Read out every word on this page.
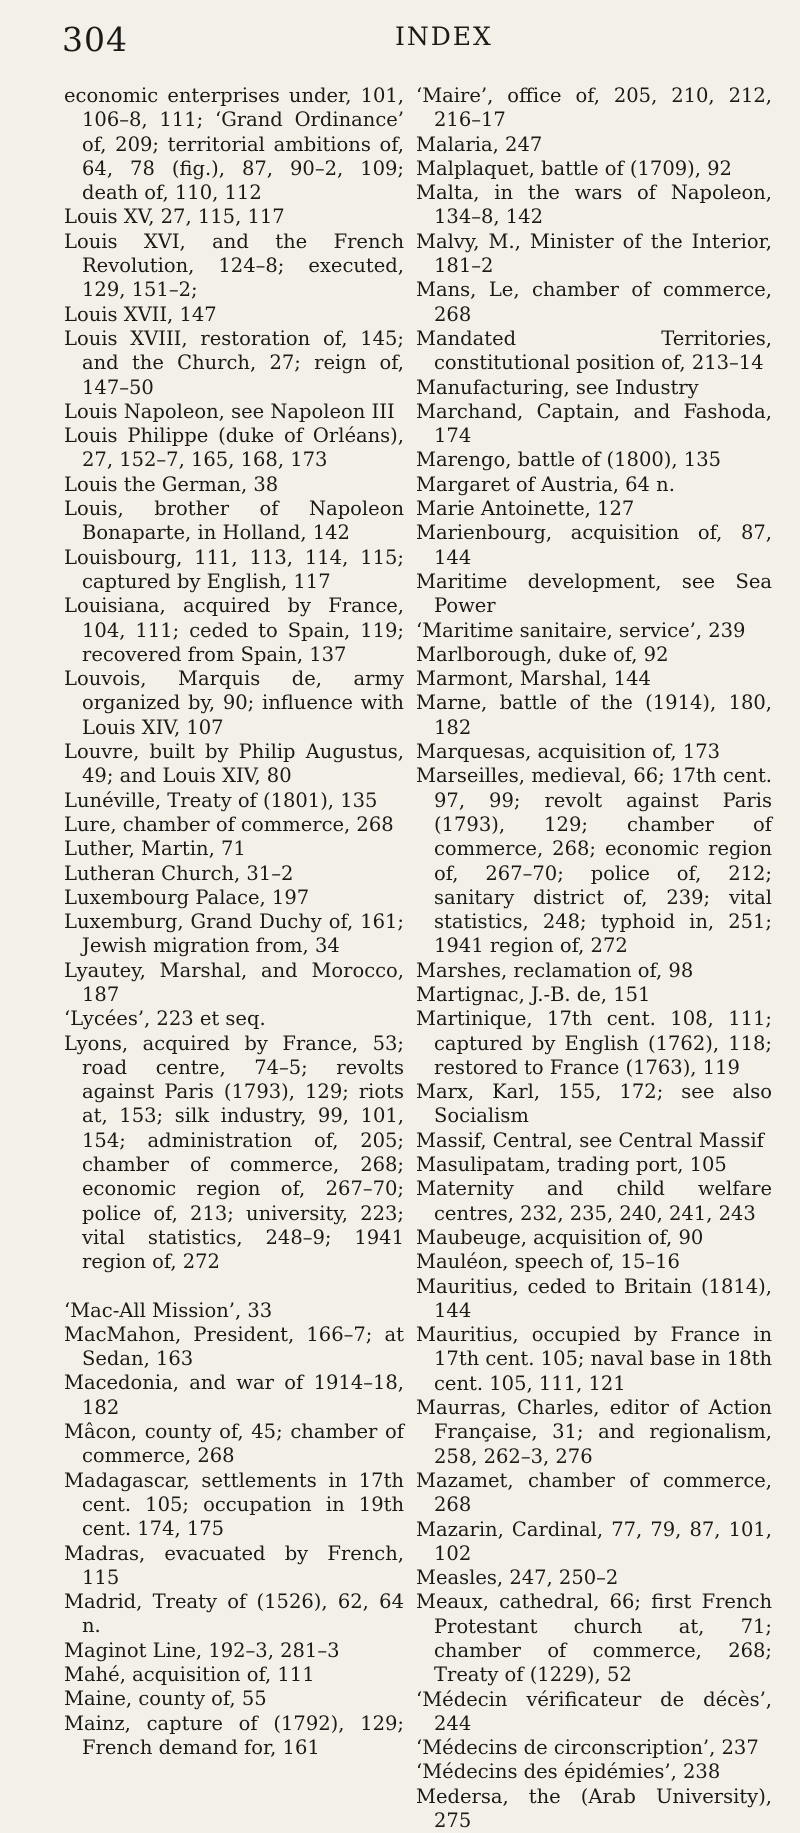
304	INDEX

economic enterprises under, 101, 106–8, 111; ‘Grand Ordinance’ of, 209; territorial ambitions of, 64, 78 (fig.), 87, 90–2, 109; death of, 110, 112

Louis XV, 27, 115, 117

Louis XVI, and the French Revolution, 124–8; executed, 129, 151–2;

Louis XVII, 147

Louis XVIII, restoration of, 145; and the Church, 27; reign of, 147–50

Louis Napoleon, see Napoleon III

Louis Philippe (duke of Orléans), 27, 152–7, 165, 168, 173

Louis the German, 38

Louis, brother of Napoleon Bonaparte, in Holland, 142

Louisbourg, 111, 113, 114, 115; captured by English, 117

Louisiana, acquired by France, 104, 111; ceded to Spain, 119; recovered from Spain, 137

Louvois, Marquis de, army organized by, 90; influence with Louis XIV, 107

Louvre, built by Philip Augustus, 49; and Louis XIV, 80

Lunéville, Treaty of (1801), 135

Lure, chamber of commerce, 268

Luther, Martin, 71

Lutheran Church, 31–2

Luxembourg Palace, 197

Luxemburg, Grand Duchy of, 161; Jewish migration from, 34

Lyautey, Marshal, and Morocco, 187

‘Lycées’, 223 et seq.

Lyons, acquired by France, 53; road centre, 74–5; revolts against Paris (1793), 129; riots at, 153; silk industry, 99, 101, 154; administration of, 205; chamber of commerce, 268; economic region of, 267–70; police of, 213; university, 223; vital statistics, 248–9; 1941 region of, 272

‘Mac-All Mission’, 33

MacMahon, President, 166–7; at Sedan, 163

Macedonia, and war of 1914–18, 182

Mâcon, county of, 45; chamber of commerce, 268

Madagascar, settlements in 17th cent. 105; occupation in 19th cent. 174, 175

Madras, evacuated by French, 115

Madrid, Treaty of (1526), 62, 64 n.

Maginot Line, 192–3, 281–3

Mahé, acquisition of, 111

Maine, county of, 55

Mainz, capture of (1792), 129; French demand for, 161

‘Maire’, office of, 205, 210, 212, 216–17

Malaria, 247

Malplaquet, battle of (1709), 92

Malta, in the wars of Napoleon, 134–8, 142

Malvy, M., Minister of the Interior, 181–2

Mans, Le, chamber of commerce, 268

Mandated Territories, constitutional position of, 213–14

Manufacturing, see Industry

Marchand, Captain, and Fashoda, 174

Marengo, battle of (1800), 135

Margaret of Austria, 64 n.

Marie Antoinette, 127

Marienbourg, acquisition of, 87, 144

Maritime development, see Sea Power

‘Maritime sanitaire, service’, 239

Marlborough, duke of, 92

Marmont, Marshal, 144

Marne, battle of the (1914), 180, 182

Marquesas, acquisition of, 173

Marseilles, medieval, 66; 17th cent. 97, 99; revolt against Paris (1793), 129; chamber of commerce, 268; economic region of, 267–70; police of, 212; sanitary district of, 239; vital statistics, 248; typhoid in, 251; 1941 region of, 272

Marshes, reclamation of, 98

Martignac, J.-B. de, 151

Martinique, 17th cent. 108, 111; captured by English (1762), 118; restored to France (1763), 119

Marx, Karl, 155, 172; see also Socialism

Massif, Central, see Central Massif

Masulipatam, trading port, 105

Maternity and child welfare centres, 232, 235, 240, 241, 243

Maubeuge, acquisition of, 90

Mauléon, speech of, 15–16

Mauritius, ceded to Britain (1814), 144

Mauritius, occupied by France in 17th cent. 105; naval base in 18th cent. 105, 111, 121

Maurras, Charles, editor of Action Française, 31; and regionalism, 258, 262–3, 276

Mazamet, chamber of commerce, 268

Mazarin, Cardinal, 77, 79, 87, 101, 102

Measles, 247, 250–2

Meaux, cathedral, 66; first French Protestant church at, 71; chamber of commerce, 268; Treaty of (1229), 52

‘Médecin vérificateur de décès’, 244

‘Médecins de circonscription’, 237

‘Médecins des épidémies’, 238

Medersa, the (Arab University), 275
